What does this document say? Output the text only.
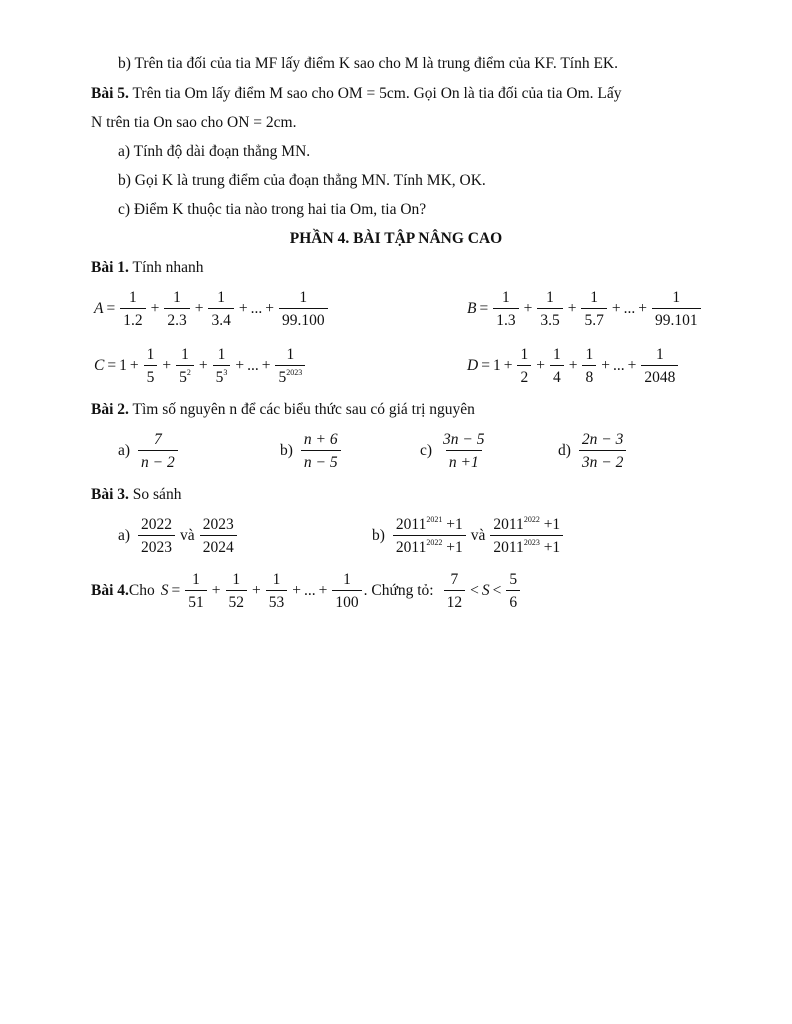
b) Trên tia đối của tia MF lấy điểm K sao cho M là trung điểm của KF. Tính EK.
Bài 5. Trên tia Om lấy điểm M sao cho OM = 5cm. Gọi On là tia đối của tia Om. Lấy
N trên tia On sao cho ON = 2cm.
a) Tính độ dài đoạn thẳng MN.
b) Gọi K là trung điểm của đoạn thẳng MN. Tính MK, OK.
c) Điểm K thuộc tia nào trong hai tia Om, tia On?
PHẦN 4. BÀI TẬP NÂNG CAO
Bài 1. Tính nhanh
$A = \frac{1}{1.2} + \frac{1}{2.3} + \frac{1}{3.4}$ + ... + $\frac{1}{99.100}$	$B = \frac{1}{1.3} + \frac{1}{3.5} + \frac{1}{5.7}$ + ... + $\frac{1}{99.101}$
$C = 1 + \frac{1}{5} + \frac{1}{5^2} + \frac{1}{5^3}$ + ... + $\frac{1}{5^{2023}}$	$D = 1 + \frac{1}{2} + \frac{1}{4} + \frac{1}{8}$ + ... + $\frac{1}{2048}$
Bài 2. Tìm số nguyên n để các biểu thức sau có giá trị nguyên
$a) \frac{7}{n - 2}$	$b) \frac{n + 6}{n - 5}$	$c) \frac{3n - 5}{n +1}$	$d) \frac{2n - 3}{3n - 2}$
Bài 3. So sánh
$a) \frac{2022}{2023}$ và $\frac{2023}{2024}$	$b) \frac{2011^{2021} +1}{2011^{2022} +1}$ và $\frac{2011^{2022} +1}{2011^{2023} +1}$
Bài 4. Cho $S = \frac{1}{51} + \frac{1}{52} + \frac{1}{53}$ + ... + $\frac{1}{100}$ . Chứng tỏ: $\frac{7}{12} < S < \frac{5}{6}$
